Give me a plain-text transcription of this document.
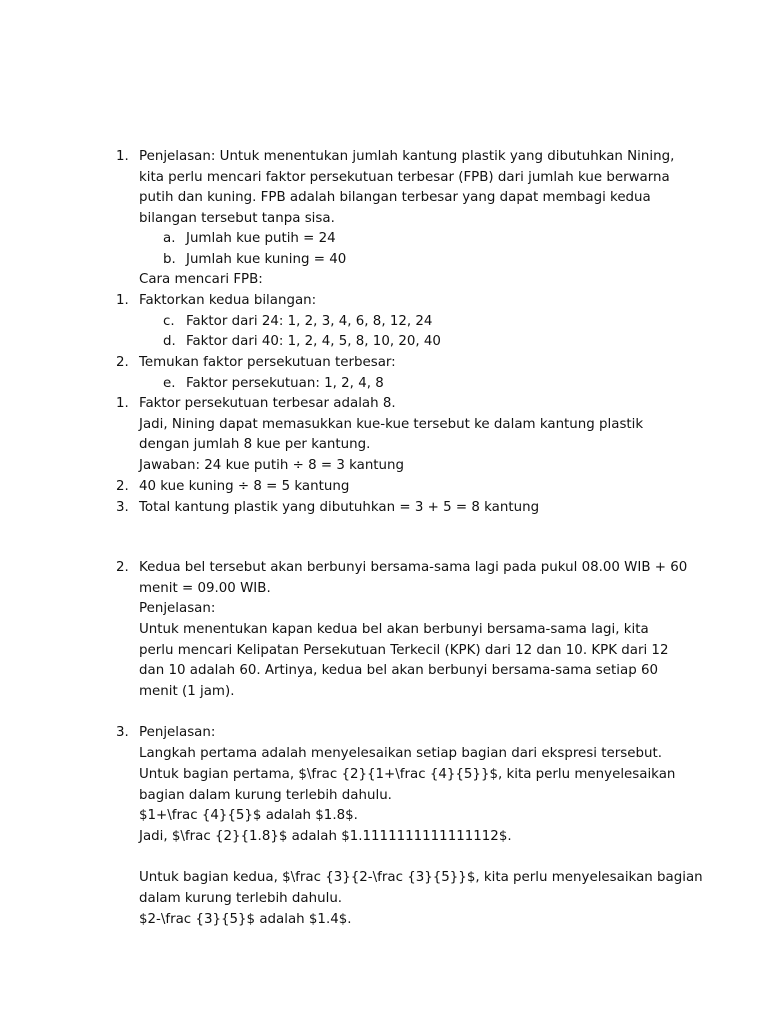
1. Penjelasan: Untuk menentukan jumlah kantung plastik yang dibutuhkan Nining,
kita perlu mencari faktor persekutuan terbesar (FPB) dari jumlah kue berwarna
putih dan kuning. FPB adalah bilangan terbesar yang dapat membagi kedua
bilangan tersebut tanpa sisa.
a. Jumlah kue putih = 24
b. Jumlah kue kuning = 40
Cara mencari FPB:
1. Faktorkan kedua bilangan:
c. Faktor dari 24: 1, 2, 3, 4, 6, 8, 12, 24
d. Faktor dari 40: 1, 2, 4, 5, 8, 10, 20, 40
2. Temukan faktor persekutuan terbesar:
e. Faktor persekutuan: 1, 2, 4, 8
1. Faktor persekutuan terbesar adalah 8.
Jadi, Nining dapat memasukkan kue-kue tersebut ke dalam kantung plastik
dengan jumlah 8 kue per kantung.
Jawaban: 24 kue putih ÷ 8 = 3 kantung
2. 40 kue kuning ÷ 8 = 5 kantung
3. Total kantung plastik yang dibutuhkan = 3 + 5 = 8 kantung
2. Kedua bel tersebut akan berbunyi bersama-sama lagi pada pukul 08.00 WIB + 60
menit = 09.00 WIB.
Penjelasan:
Untuk menentukan kapan kedua bel akan berbunyi bersama-sama lagi, kita
perlu mencari Kelipatan Persekutuan Terkecil (KPK) dari 12 dan 10. KPK dari 12
dan 10 adalah 60. Artinya, kedua bel akan berbunyi bersama-sama setiap 60
menit (1 jam).
3. Penjelasan:
Langkah pertama adalah menyelesaikan setiap bagian dari ekspresi tersebut.
Untuk bagian pertama, $\frac {2}{1+\frac {4}{5}}$, kita perlu menyelesaikan
bagian dalam kurung terlebih dahulu.
$1+\frac {4}{5}$ adalah $1.8$.
Jadi, $\frac {2}{1.8}$ adalah $1.1111111111111112$.
Untuk bagian kedua, $\frac {3}{2-\frac {3}{5}}$, kita perlu menyelesaikan bagian
dalam kurung terlebih dahulu.
$2-\frac {3}{5}$ adalah $1.4$.
